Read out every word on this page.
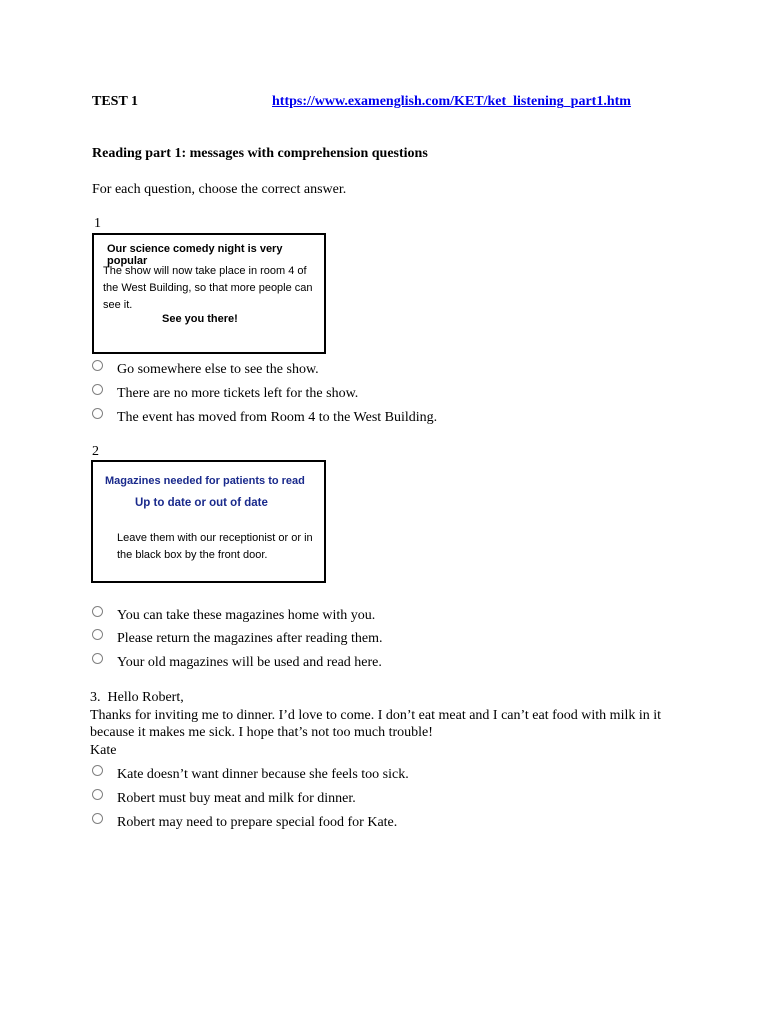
TEST 1	https://www.examenglish.com/KET/ket_listening_part1.htm
Reading part 1: messages with comprehension questions
For each question, choose the correct answer.
1
Our science comedy night is very popular
The show will now take place in room 4 of the West Building, so that more people can see it.
See you there!
Go somewhere else to see the show.
There are no more tickets left for the show.
The event has moved from Room 4 to the West Building.
2
Magazines needed for patients to read
Up to date or out of date
Leave them with our receptionist or or in the black box by the front door.
You can take these magazines home with you.
Please return the magazines after reading them.
Your old magazines will be used and read here.
3. Hello Robert,
Thanks for inviting me to dinner. I’d love to come. I don’t eat meat and I can’t eat food with milk in it because it makes me sick. I hope that’s not too much trouble!
Kate
Kate doesn’t want dinner because she feels too sick.
Robert must buy meat and milk for dinner.
Robert may need to prepare special food for Kate.
